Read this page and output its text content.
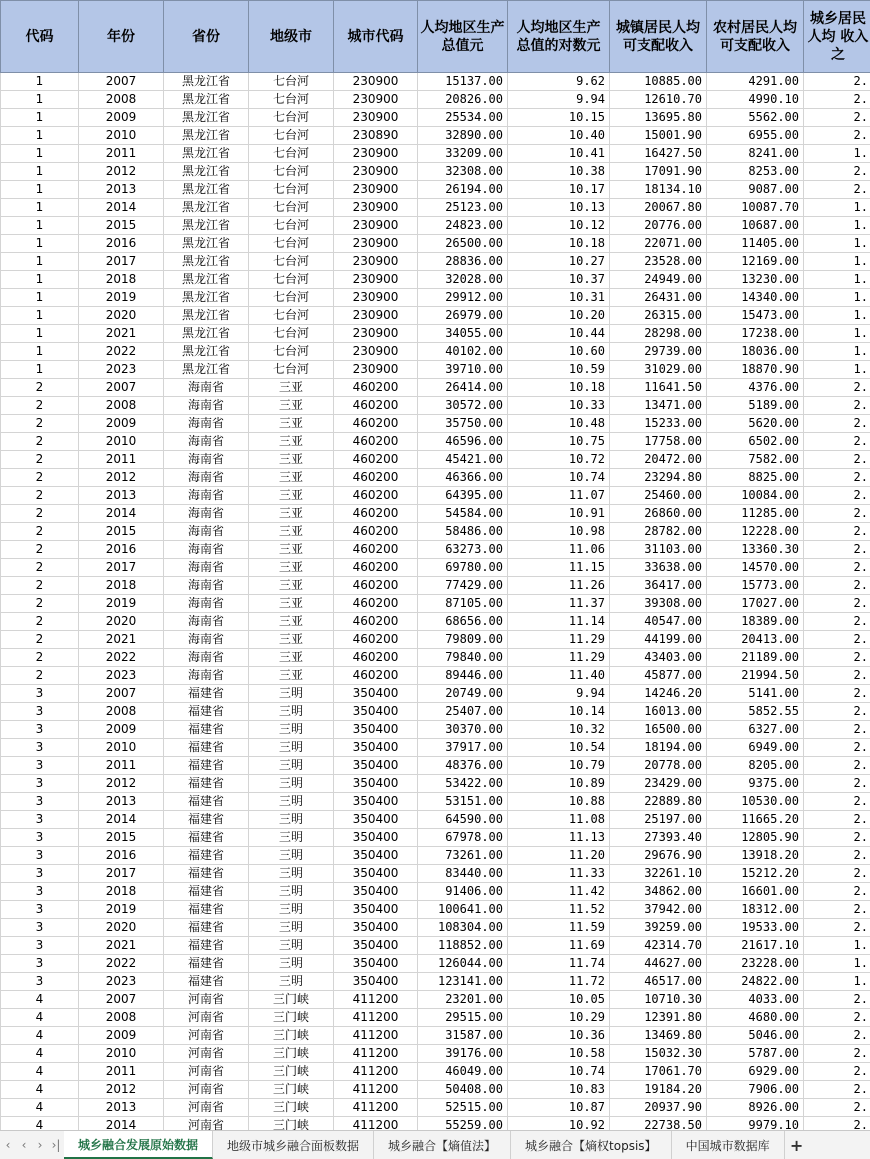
代码	年份	省份	地级市	城市代码	人均地区生产总值元	人均地区生产总值的对数元	城镇居民人均可支配收入	农村居民人均可支配收入	城乡居民人均 收入之
1	2007	黑龙江省	七台河	230900	15137.00	9.62	10885.00	4291.00	2.
1	2008	黑龙江省	七台河	230900	20826.00	9.94	12610.70	4990.10	2.
1	2009	黑龙江省	七台河	230900	25534.00	10.15	13695.80	5562.00	2.
1	2010	黑龙江省	七台河	230890	32890.00	10.40	15001.90	6955.00	2.
1	2011	黑龙江省	七台河	230900	33209.00	10.41	16427.50	8241.00	1.
1	2012	黑龙江省	七台河	230900	32308.00	10.38	17091.90	8253.00	2.
1	2013	黑龙江省	七台河	230900	26194.00	10.17	18134.10	9087.00	2.
1	2014	黑龙江省	七台河	230900	25123.00	10.13	20067.80	10087.70	1.
1	2015	黑龙江省	七台河	230900	24823.00	10.12	20776.00	10687.00	1.
1	2016	黑龙江省	七台河	230900	26500.00	10.18	22071.00	11405.00	1.
1	2017	黑龙江省	七台河	230900	28836.00	10.27	23528.00	12169.00	1.
1	2018	黑龙江省	七台河	230900	32028.00	10.37	24949.00	13230.00	1.
1	2019	黑龙江省	七台河	230900	29912.00	10.31	26431.00	14340.00	1.
1	2020	黑龙江省	七台河	230900	26979.00	10.20	26315.00	15473.00	1.
1	2021	黑龙江省	七台河	230900	34055.00	10.44	28298.00	17238.00	1.
1	2022	黑龙江省	七台河	230900	40102.00	10.60	29739.00	18036.00	1.
1	2023	黑龙江省	七台河	230900	39710.00	10.59	31029.00	18870.90	1.
2	2007	海南省	三亚	460200	26414.00	10.18	11641.50	4376.00	2.
2	2008	海南省	三亚	460200	30572.00	10.33	13471.00	5189.00	2.
2	2009	海南省	三亚	460200	35750.00	10.48	15233.00	5620.00	2.
2	2010	海南省	三亚	460200	46596.00	10.75	17758.00	6502.00	2.
2	2011	海南省	三亚	460200	45421.00	10.72	20472.00	7582.00	2.
2	2012	海南省	三亚	460200	46366.00	10.74	23294.80	8825.00	2.
2	2013	海南省	三亚	460200	64395.00	11.07	25460.00	10084.00	2.
2	2014	海南省	三亚	460200	54584.00	10.91	26860.00	11285.00	2.
2	2015	海南省	三亚	460200	58486.00	10.98	28782.00	12228.00	2.
2	2016	海南省	三亚	460200	63273.00	11.06	31103.00	13360.30	2.
2	2017	海南省	三亚	460200	69780.00	11.15	33638.00	14570.00	2.
2	2018	海南省	三亚	460200	77429.00	11.26	36417.00	15773.00	2.
2	2019	海南省	三亚	460200	87105.00	11.37	39308.00	17027.00	2.
2	2020	海南省	三亚	460200	68656.00	11.14	40547.00	18389.00	2.
2	2021	海南省	三亚	460200	79809.00	11.29	44199.00	20413.00	2.
2	2022	海南省	三亚	460200	79840.00	11.29	43403.00	21189.00	2.
2	2023	海南省	三亚	460200	89446.00	11.40	45877.00	21994.50	2.
3	2007	福建省	三明	350400	20749.00	9.94	14246.20	5141.00	2.
3	2008	福建省	三明	350400	25407.00	10.14	16013.00	5852.55	2.
3	2009	福建省	三明	350400	30370.00	10.32	16500.00	6327.00	2.
3	2010	福建省	三明	350400	37917.00	10.54	18194.00	6949.00	2.
3	2011	福建省	三明	350400	48376.00	10.79	20778.00	8205.00	2.
3	2012	福建省	三明	350400	53422.00	10.89	23429.00	9375.00	2.
3	2013	福建省	三明	350400	53151.00	10.88	22889.80	10530.00	2.
3	2014	福建省	三明	350400	64590.00	11.08	25197.00	11665.20	2.
3	2015	福建省	三明	350400	67978.00	11.13	27393.40	12805.90	2.
3	2016	福建省	三明	350400	73261.00	11.20	29676.90	13918.20	2.
3	2017	福建省	三明	350400	83440.00	11.33	32261.10	15212.20	2.
3	2018	福建省	三明	350400	91406.00	11.42	34862.00	16601.00	2.
3	2019	福建省	三明	350400	100641.00	11.52	37942.00	18312.00	2.
3	2020	福建省	三明	350400	108304.00	11.59	39259.00	19533.00	2.
3	2021	福建省	三明	350400	118852.00	11.69	42314.70	21617.10	1.
3	2022	福建省	三明	350400	126044.00	11.74	44627.00	23228.00	1.
3	2023	福建省	三明	350400	123141.00	11.72	46517.00	24822.00	1.
4	2007	河南省	三门峡	411200	23201.00	10.05	10710.30	4033.00	2.
4	2008	河南省	三门峡	411200	29515.00	10.29	12391.80	4680.00	2.
4	2009	河南省	三门峡	411200	31587.00	10.36	13469.80	5046.00	2.
4	2010	河南省	三门峡	411200	39176.00	10.58	15032.30	5787.00	2.
4	2011	河南省	三门峡	411200	46049.00	10.74	17061.70	6929.00	2.
4	2012	河南省	三门峡	411200	50408.00	10.83	19184.20	7906.00	2.
4	2013	河南省	三门峡	411200	52515.00	10.87	20937.90	8926.00	2.
4	2014	河南省	三门峡	411200	55259.00	10.92	22738.50	9979.10	2.
‹ ‹ › › |	城乡融合发展原始数据	地级市城乡融合面板数据	城乡融合【熵值法】	城乡融合【熵权topsis】	中国城市数据库	+
